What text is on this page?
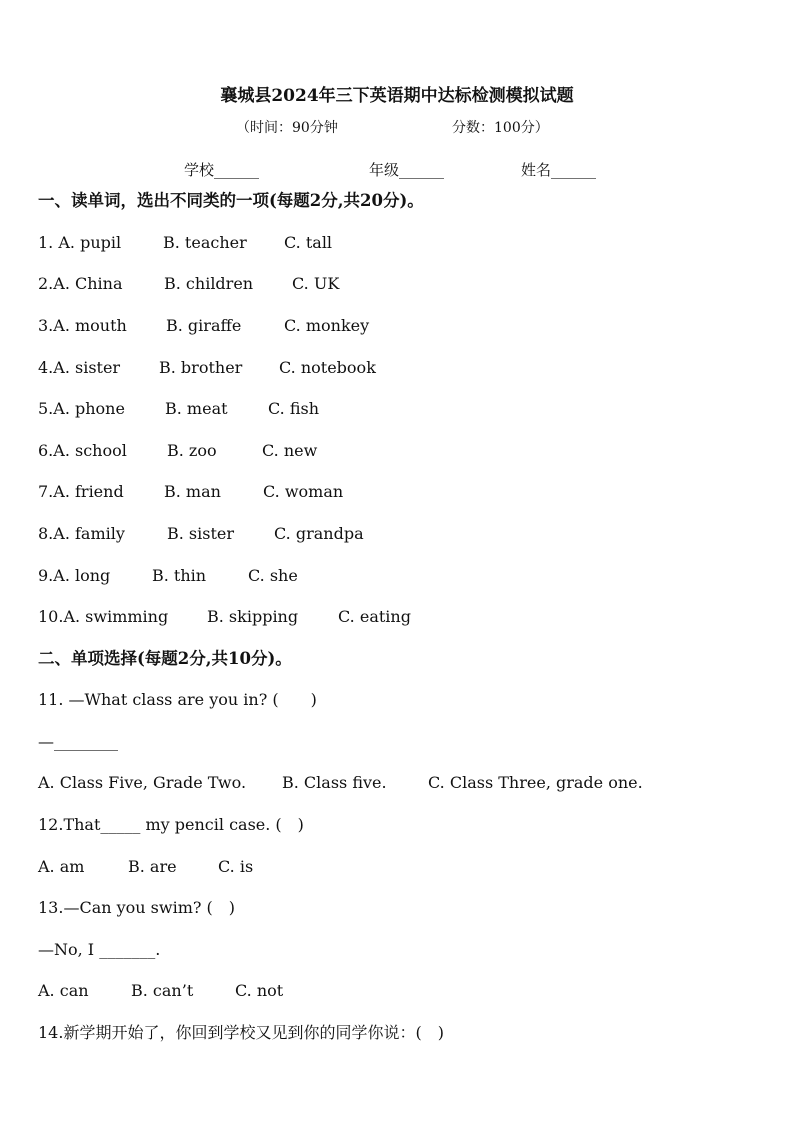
襄城县2024年三下英语期中达标检测模拟试题
（时间：90分钟	分数：100分）
学校______	年级______	姓名______
一、读单词，选出不同类的一项(每题2分,共20分)。
1. A. pupil	B. teacher C. tall
2.A. China	B. children C. UK
3.A. mouth B. giraffe	C. monkey
4.A. sister B. brother C. notebook
5.A. phone	B. meat	C. fish
6.A. school	B. zoo	C. new
7.A. friend	B. man	C. woman
8.A. family	B. sister C. grandpa
9.A. long	B. thin	C. she
10.A. swimming B. skipping C. eating
二、单项选择(每题2分,共10分)。
11. —What class are you in? (　　)
—________
A. Class Five, Grade Two. B. Class five.	C. Class Three, grade one.
12.That_____ my pencil case. (　)
A. am	B. are	C. is
13.—Can you swim? (　)
—No, I _______.
A. can	B. can’t	C. not
14.新学期开始了，你回到学校又见到你的同学你说：(　)
